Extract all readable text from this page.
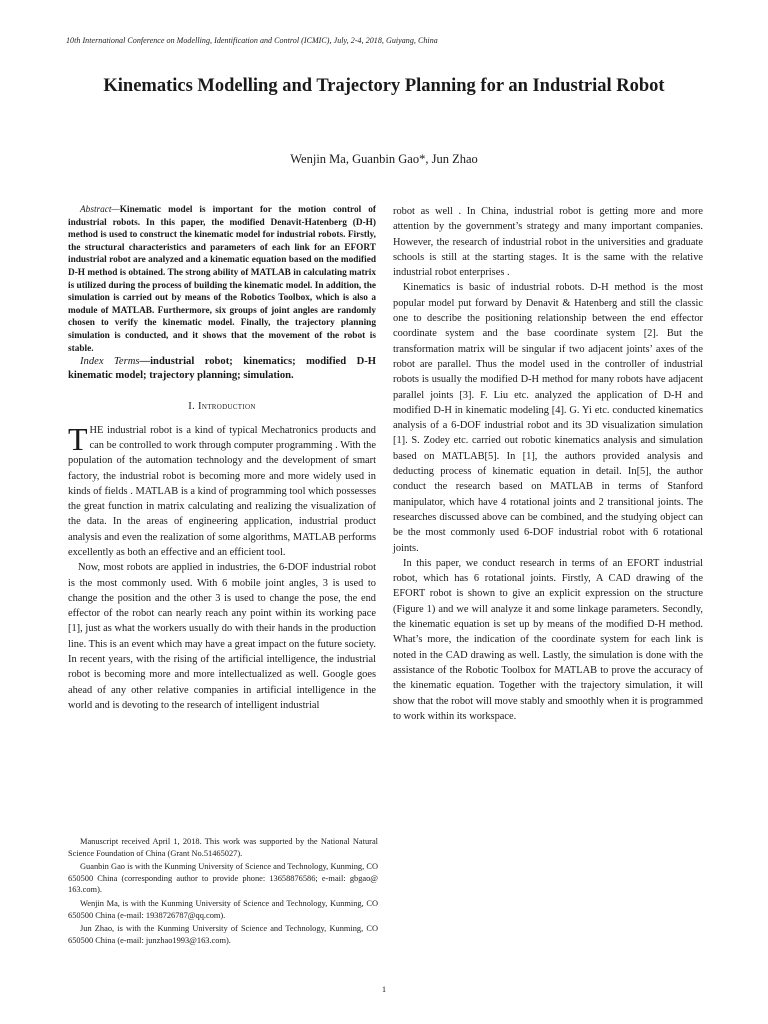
10th International Conference on Modelling, Identification and Control (ICMIC), July, 2-4, 2018, Guiyang, China
Kinematics Modelling and Trajectory Planning for an Industrial Robot
Wenjin Ma, Guanbin Gao*, Jun Zhao

Abstract—Kinematic model is important for the motion control of industrial robots. In this paper, the modified Denavit-Hatenberg (D-H) method is used to construct the kinematic model for industrial robots. Firstly, the structural characteristics and parameters of each link for an EFORT industrial robot are analyzed and a kinematic equation based on the modified D-H method is obtained. The strong ability of MATLAB in calculating matrix is utilized during the process of building the kinematic model. In addition, the simulation is carried out by means of the Robotics Toolbox, which is also a module of MATLAB. Furthermore, six groups of joint angles are randomly chosen to verify the kinematic model. Finally, the trajectory planning simulation is conducted, and it shows that the movement of the robot is stable.

Index Terms—industrial robot; kinematics; modified D-H kinematic model; trajectory planning; simulation.

I. Introduction

THE industrial robot is a kind of typical Mechatronics products and can be controlled to work through computer programming . With the population of the automation technology and the development of smart factory, the industrial robot is becoming more and more widely used in kinds of fields . MATLAB is a kind of programming tool which possesses the great function in matrix calculating and realizing the visualization of the data. In the areas of engineering application, industrial product analysis and even the realization of some algorithms, MATLAB performs excellently as both an effective and an efficient tool.

Now, most robots are applied in industries, the 6-DOF industrial robot is the most commonly used. With 6 mobile joint angles, 3 is used to change the position and the other 3 is used to change the pose, the end effector of the robot can nearly reach any point within its working pace [1], just as what the workers usually do with their hands in the production line. This is an event which may have a great impact on the future society. In recent years, with the rising of the artificial intelligence, the industrial robot is becoming more and more intellectualized as well. Google goes ahead of any other relative companies in artificial intelligence in the world and is devoting to the research of intelligent industrial

robot as well . In China, industrial robot is getting more and more attention by the government’s strategy and many important companies. However, the research of industrial robot in the universities and graduate schools is still at the starting stages. It is the same with the relative industrial robot enterprises .

Kinematics is basic of industrial robots. D-H method is the most popular model put forward by Denavit & Hatenberg and still the classic one to describe the positioning relationship between the end effector coordinate system and the base coordinate system [2]. But the transformation matrix will be singular if two adjacent joints’ axes of the robot are parallel. Thus the model used in the controller of industrial robots is usually the modified D-H method for many robots have adjacent parallel joints [3]. F. Liu etc. analyzed the application of D-H and modified D-H in kinematic modeling [4]. G. Yi etc. conducted kinematics analysis of a 6-DOF industrial robot and its 3D visualization simulation [1]. S. Zodey etc. carried out robotic kinematics analysis and simulation based on MATLAB[5]. In [1], the authors provided analysis and deducting process of kinematic equation in detail. In[5], the author conduct the research based on MATLAB in terms of Stanford manipulator, which have 4 rotational joints and 2 transitional joints. The researches discussed above can be combined, and the studying object can be the most commonly used 6-DOF industrial robot with 6 rotational joints.

In this paper, we conduct research in terms of an EFORT industrial robot, which has 6 rotational joints. Firstly, A CAD drawing of the EFORT robot is shown to give an explicit expression on the structure (Figure 1) and we will analyze it and some linkage parameters. Secondly, the kinematic equation is set up by means of the modified D-H method. What’s more, the indication of the coordinate system for each link is noted in the CAD drawing as well. Lastly, the simulation is done with the assistance of the Robotic Toolbox for MATLAB to prove the accuracy of the kinematic equation. Together with the trajectory simulation, it will show that the robot will move stably and smoothly when it is programmed to work within its workspace.

Manuscript received April 1, 2018. This work was supported by the National Natural Science Foundation of China (Grant No.51465027).

Guanbin Gao is with the Kunming University of Science and Technology, Kunming, CO 650500 China (corresponding author to provide phone: 13658876586; e-mail: gbgao@ 163.com).

Wenjin Ma, is with the Kunming University of Science and Technology, Kunming, CO 650500 China (e-mail: 1938726787@qq.com).

Jun Zhao, is with the Kunming University of Science and Technology, Kunming, CO 650500 China (e-mail: junzhao1993@163.com).

1
